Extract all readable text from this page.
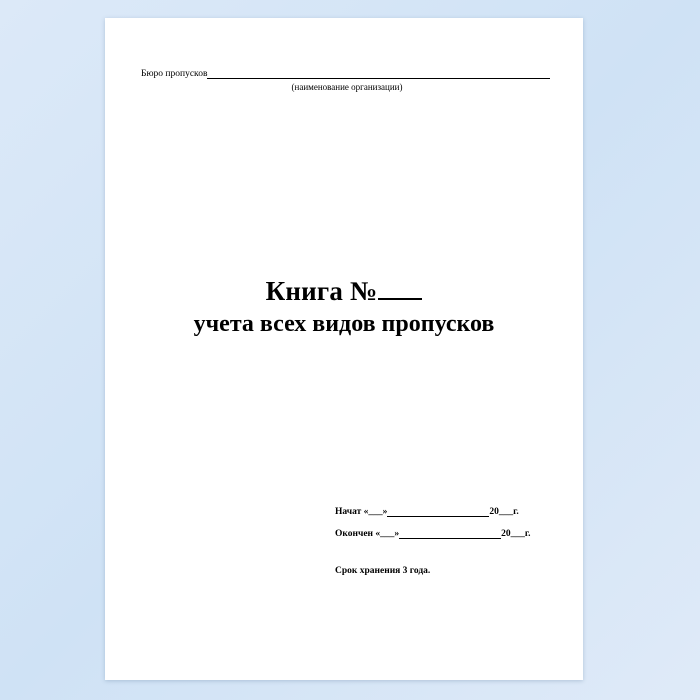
Бюро пропусков
(наименование организации)
Книга №
учета всех видов пропусков
Начат «___»	20___г.
Окончен «___»	20___г.
Срок хранения 3 года.
